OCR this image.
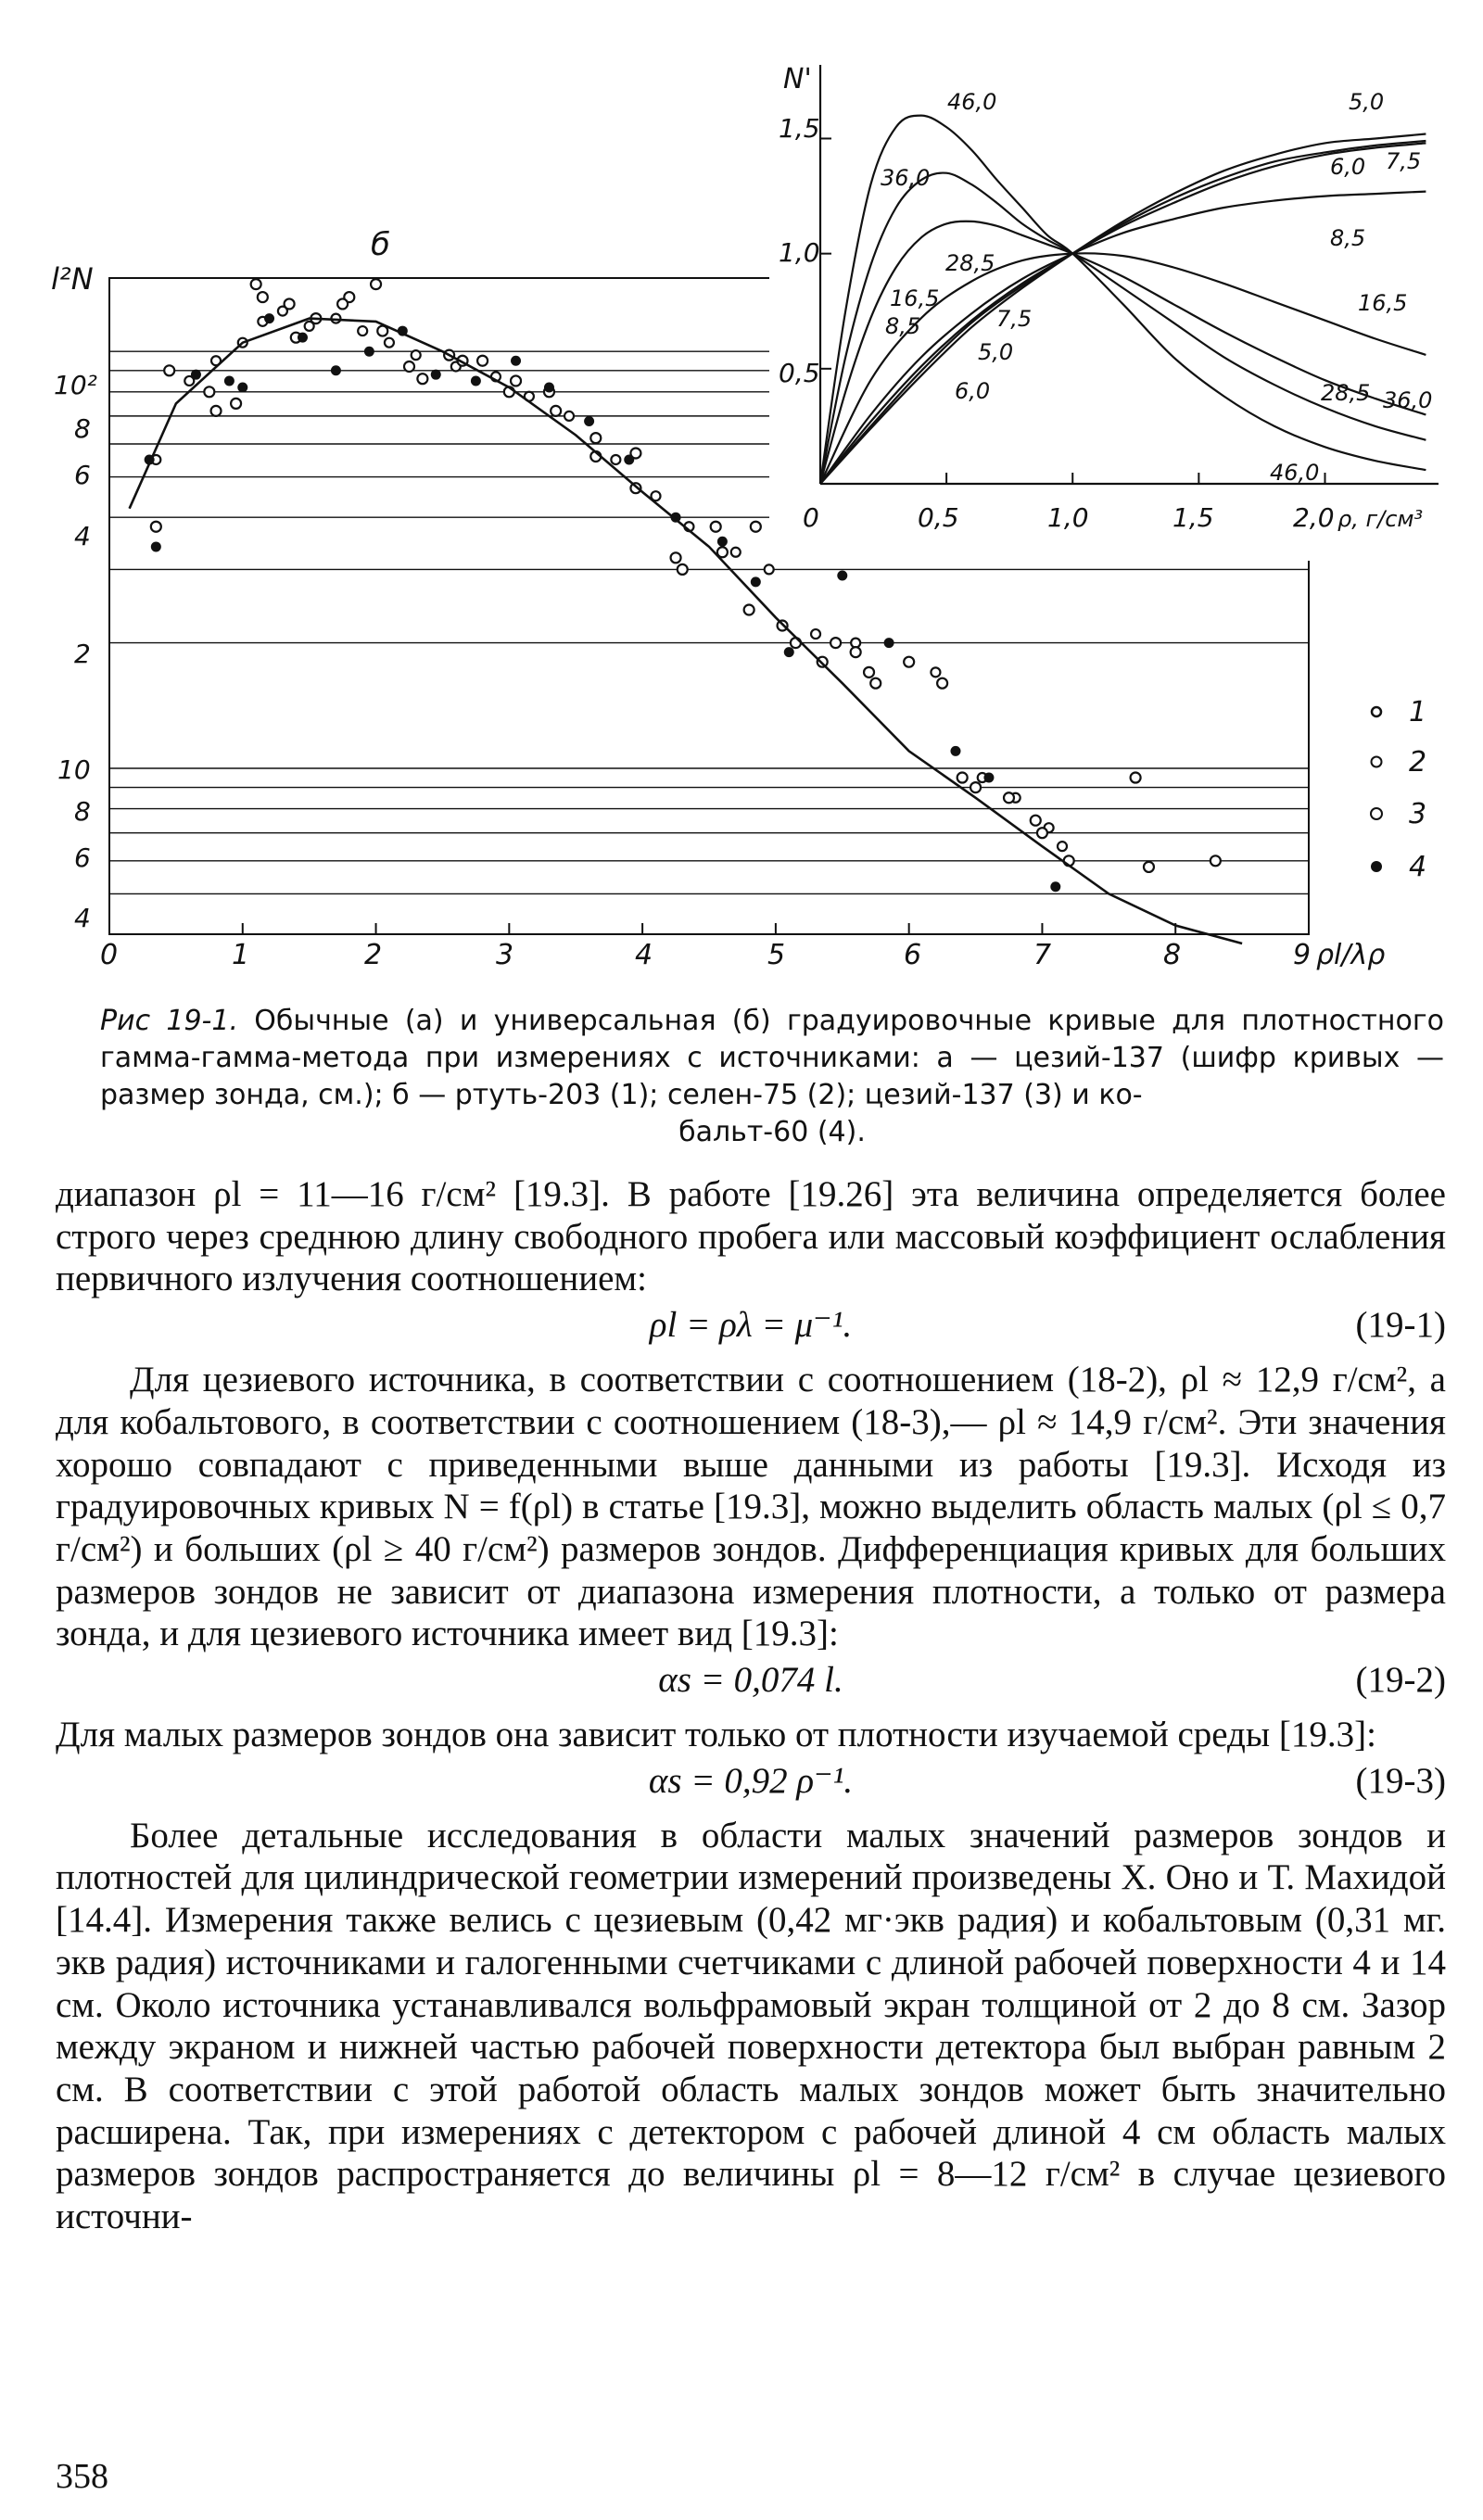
б
l²N
10²
8
6
4
2
10
8
6
4
0	1	2	3	4	5	6	7	8	9 ρl/λρ
1
2
3
4
N'
1,5
1,0
0,5
0	0,5	1,0	1,5	2,0 ρ, г/см³
46,0
36,0
28,5
16,5
8,5	7,5
5,0
6,0
5,0
6,0 7,5
8,5
16,5
28,5 36,0
46,0
Рис 19-1. Обычные (а) и универсальная (б) градуировочные кривые для плотностного гамма-гамма-метода при измерениях с источниками: а — цезий-137 (шифр кривых — размер зонда, см.); б — ртуть-203 (1); селен-75 (2); цезий-137 (3) и ко-
бальт-60 (4).

диапазон ρl = 11—16 г/см² [19.3]. В работе [19.26] эта величина определяется более строго через среднюю длину свободного пробега или массовый коэффициент ослабления первичного излучения соотношением:

ρl = ρλ = μ⁻¹.	(19-1)

Для цезиевого источника, в соответствии с соотношением (18-2), ρl ≈ 12,9 г/см², а для кобальтового, в соответствии с соотношением (18-3),— ρl ≈ 14,9 г/см². Эти значения хорошо совпадают с приведенными выше данными из работы [19.3]. Исходя из градуировочных кривых N = f(ρl) в статье [19.3], можно выделить область малых (ρl ≤ 0,7 г/см²) и больших (ρl ≥ 40 г/см²) размеров зондов. Дифференциация кривых для больших размеров зондов не зависит от диапазона измерения плотности, а только от размера зонда, и для цезиевого источника имеет вид [19.3]:

αs = 0,074 l.	(19-2)

Для малых размеров зондов она зависит только от плотности изучаемой среды [19.3]:

αs = 0,92 ρ⁻¹.	(19-3)

Более детальные исследования в области малых значений размеров зондов и плотностей для цилиндрической геометрии измерений произведены Х. Оно и Т. Махидой [14.4]. Измерения также велись с цезиевым (0,42 мг·экв радия) и кобальтовым (0,31 мг. экв радия) источниками и галогенными счетчиками с длиной рабочей поверхности 4 и 14 см. Около источника устанавливался вольфрамовый экран толщиной от 2 до 8 см. Зазор между экраном и нижней частью рабочей поверхности детектора был выбран равным 2 см. В соответствии с этой работой область малых зондов может быть значительно расширена. Так, при измерениях с детектором с рабочей длиной 4 см область малых размеров зондов распространяется до величины ρl = 8—12 г/см² в случае цезиевого источни-

358
